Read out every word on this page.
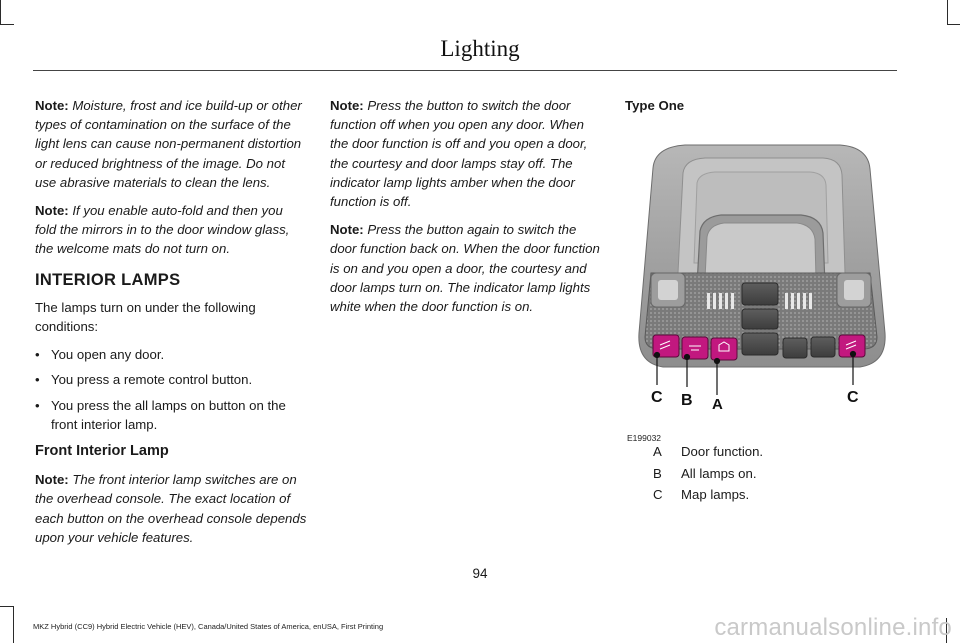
Lighting

Note: Moisture, frost and ice build-up or other types of contamination on the surface of the light lens can cause non-permanent distortion or reduced brightness of the image. Do not use abrasive materials to clean the lens.

Note: If you enable auto-fold and then you fold the mirrors in to the door window glass, the welcome mats do not turn on.

INTERIOR LAMPS

The lamps turn on under the following conditions:

• You open any door.
• You press a remote control button.
• You press the all lamps on button on the front interior lamp.
Front Interior Lamp

Note: The front interior lamp switches are on the overhead console. The exact location of each button on the overhead console depends upon your vehicle features.

Note: Press the button to switch the door function off when you open any door. When the door function is off and you open a door, the courtesy and door lamps stay off. The indicator lamp lights amber when the door function is off.

Note: Press the button again to switch the door function back on. When the door function is on and you open a door, the courtesy and door lamps turn on. The indicator lamp lights white when the door function is on.

Type One
C B A	C
E199032
A	Door function.
B	All lamps on.
C	Map lamps.
94
MKZ Hybrid (CC9) Hybrid Electric Vehicle (HEV), Canada/United States of America, enUSA, First Printing	carmanualsonline.info
